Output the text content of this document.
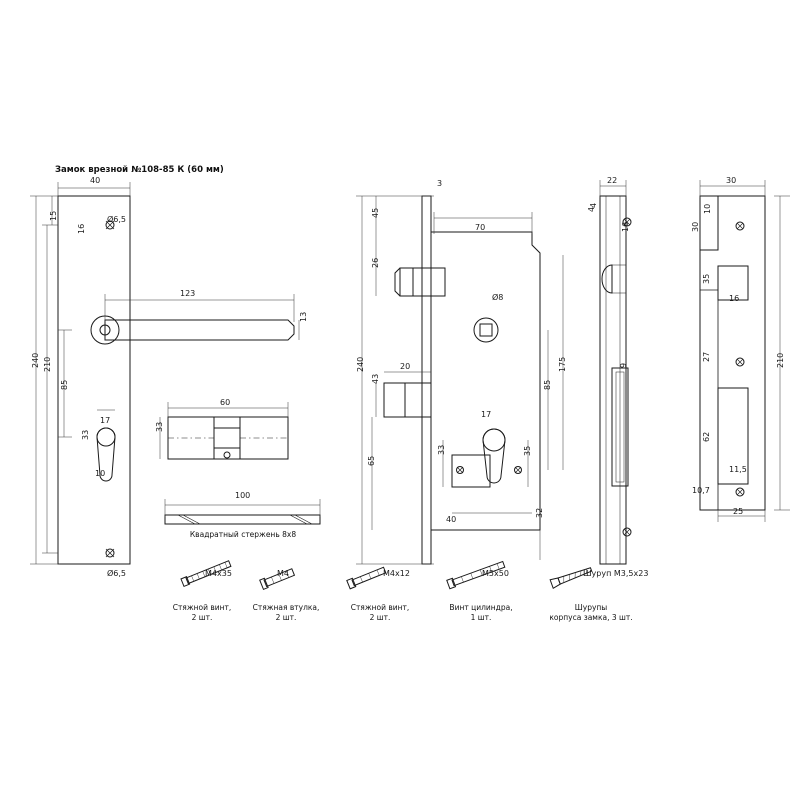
Замок врезной №108-85 К (60 мм)
40
15
16
Ø6,5
123
13
240 210
85
17
33
10
Ø6,5
60
33
100
Квадратный стержень 8x8
3
45
70
26
240	20
43
65
40
33
17
35
85
175
32
Ø8
22
4
16
9
30
4	10
30
35
16
27
62
10,7
25
210
11,5
M4x35
Стяжной винт,
2 шт.
M4
Стяжная втулка,
2 шт.
M4x12
Стяжной винт,
2 шт.
M5x50
Винт цилиндра,
1 шт.
Шуруп М3,5х23
Шурупы
корпуса замка, 3 шт.
